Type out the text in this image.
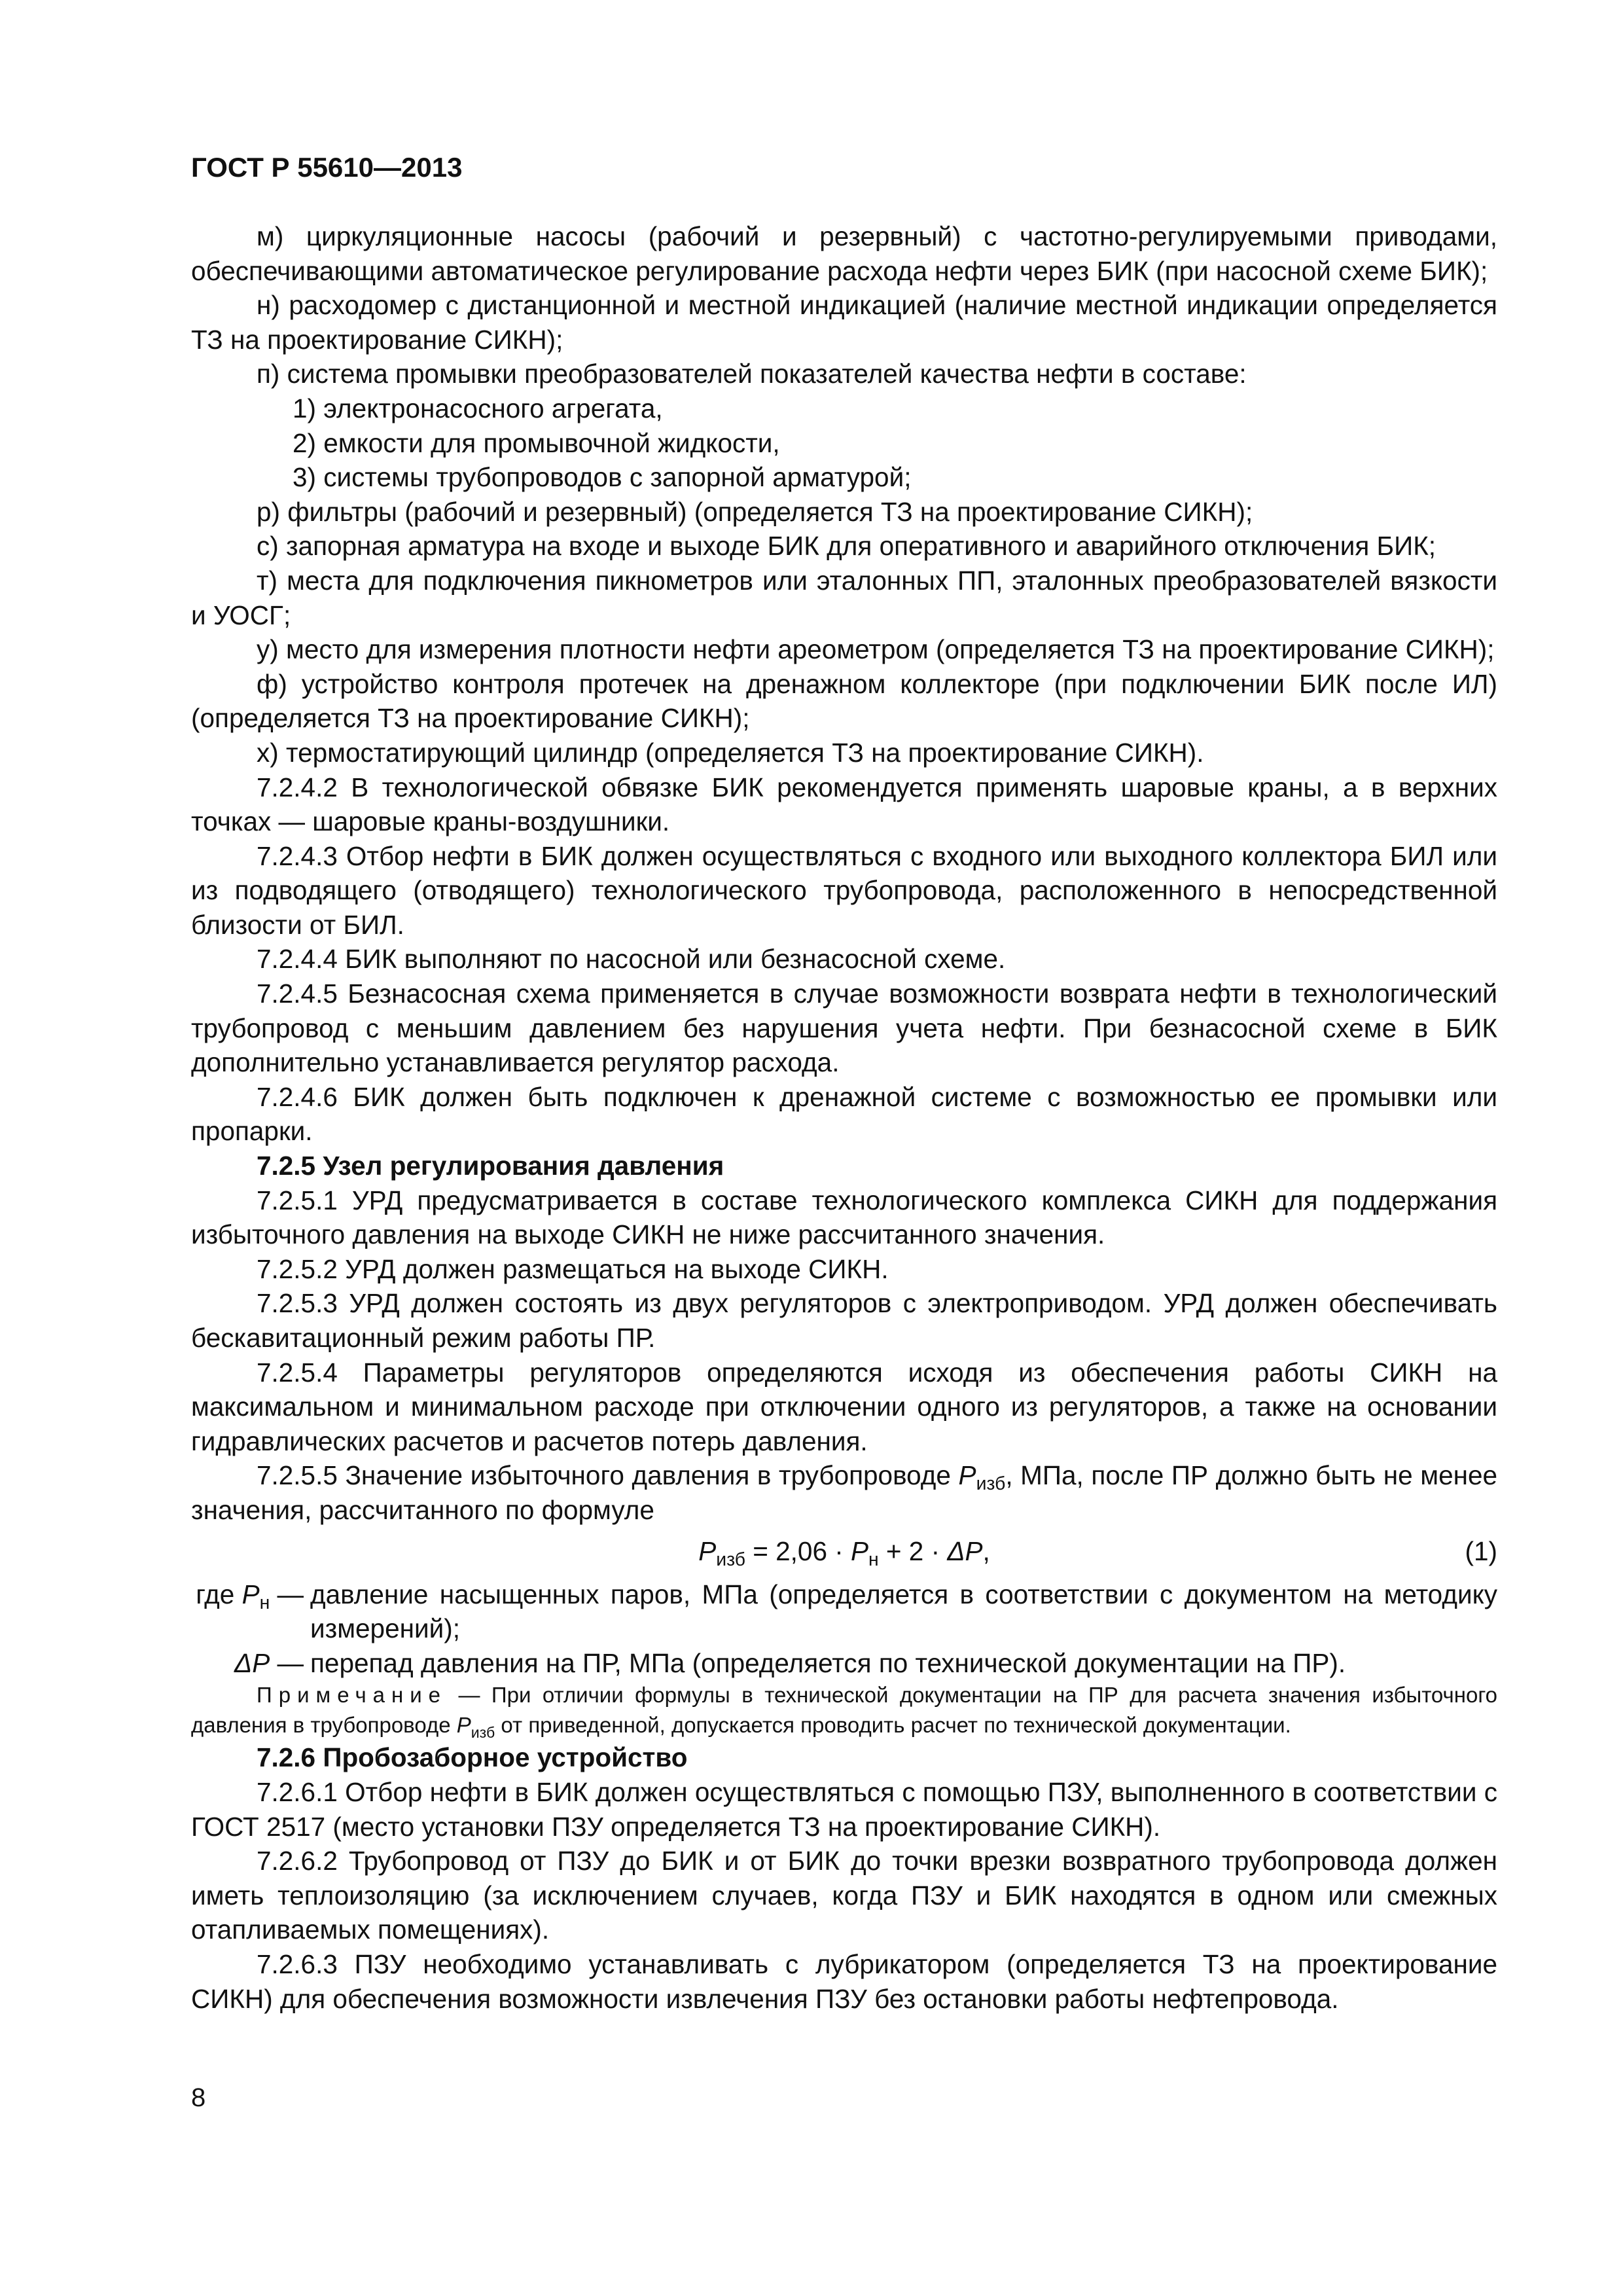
ГОСТ Р 55610—2013

м) циркуляционные насосы (рабочий и резервный) с частотно-регулируемыми приводами, обеспечивающими автоматическое регулирование расхода нефти через БИК (при насосной схеме БИК);

н) расходомер с дистанционной и местной индикацией (наличие местной индикации определяется ТЗ на проектирование СИКН);

п) система промывки преобразователей показателей качества нефти в составе:

1) электронасосного агрегата,

2) емкости для промывочной жидкости,

3) системы трубопроводов с запорной арматурой;

р) фильтры (рабочий и резервный) (определяется ТЗ на проектирование СИКН);

с) запорная арматура на входе и выходе БИК для оперативного и аварийного отключения БИК;

т) места для подключения пикнометров или эталонных ПП, эталонных преобразователей вязкости и УОСГ;

у) место для измерения плотности нефти ареометром (определяется ТЗ на проектирование СИКН);

ф) устройство контроля протечек на дренажном коллекторе (при подключении БИК после ИЛ) (определяется ТЗ на проектирование СИКН);

х) термостатирующий цилиндр (определяется ТЗ на проектирование СИКН).

7.2.4.2 В технологической обвязке БИК рекомендуется применять шаровые краны, а в верхних точках — шаровые краны-воздушники.

7.2.4.3 Отбор нефти в БИК должен осуществляться с входного или выходного коллектора БИЛ или из подводящего (отводящего) технологического трубопровода, расположенного в непосредственной близости от БИЛ.

7.2.4.4 БИК выполняют по насосной или безнасосной схеме.

7.2.4.5 Безнасосная схема применяется в случае возможности возврата нефти в технологический трубопровод с меньшим давлением без нарушения учета нефти. При безнасосной схеме в БИК дополнительно устанавливается регулятор расхода.

7.2.4.6 БИК должен быть подключен к дренажной системе с возможностью ее промывки или пропарки.

7.2.5 Узел регулирования давления

7.2.5.1 УРД предусматривается в составе технологического комплекса СИКН для поддержания избыточного давления на выходе СИКН не ниже рассчитанного значения.

7.2.5.2 УРД должен размещаться на выходе СИКН.

7.2.5.3 УРД должен состоять из двух регуляторов с электроприводом. УРД должен обеспечивать бескавитационный режим работы ПР.

7.2.5.4 Параметры регуляторов определяются исходя из обеспечения работы СИКН на максимальном и минимальном расходе при отключении одного из регуляторов, а также на основании гидравлических расчетов и расчетов потерь давления.

7.2.5.5 Значение избыточного давления в трубопроводе $P_{изб}$, МПа, после ПР должно быть не менее значения, рассчитанного по формуле

$P_{изб} = 2,06 \cdot P_н + 2 \cdot \Delta P$,	(1)
где $P_н$ — давление насыщенных паров, МПа (определяется в соответствии с документом на методику измерений);
ΔP — перепад давления на ПР, МПа (определяется по технической документации на ПР).

Примечание — При отличии формулы в технической документации на ПР для расчета значения избыточного давления в трубопроводе $P_{изб}$ от приведенной, допускается проводить расчет по технической документации.

7.2.6 Пробозаборное устройство

7.2.6.1 Отбор нефти в БИК должен осуществляться с помощью ПЗУ, выполненного в соответствии с ГОСТ 2517 (место установки ПЗУ определяется ТЗ на проектирование СИКН).

7.2.6.2 Трубопровод от ПЗУ до БИК и от БИК до точки врезки возвратного трубопровода должен иметь теплоизоляцию (за исключением случаев, когда ПЗУ и БИК находятся в одном или смежных отапливаемых помещениях).

7.2.6.3 ПЗУ необходимо устанавливать с лубрикатором (определяется ТЗ на проектирование СИКН) для обеспечения возможности извлечения ПЗУ без остановки работы нефтепровода.

8
